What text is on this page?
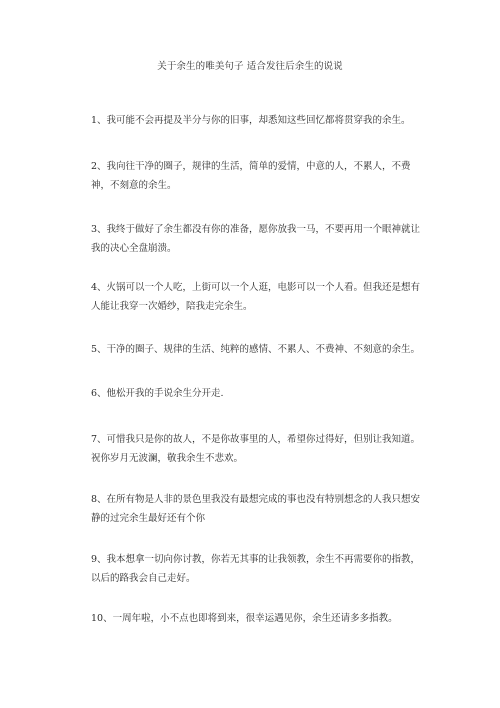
关于余生的唯美句子 适合发往后余生的说说
1、我可能不会再提及半分与你的旧事，却悉知这些回忆都将贯穿我的余生。
2、我向往干净的圈子，规律的生活，简单的爱情，中意的人，不累人，不费神，不刻意的余生。
3、我终于做好了余生都没有你的准备，愿你放我一马，不要再用一个眼神就让我的决心全盘崩溃。
4、火锅可以一个人吃，上街可以一个人逛，电影可以一个人看。但我还是想有人能让我穿一次婚纱，陪我走完余生。
5、干净的圈子、规律的生活、纯粹的感情、不累人、不费神、不刻意的余生。
6、他松开我的手说余生分开走.
7、可惜我只是你的故人，不是你故事里的人，希望你过得好，但别让我知道。祝你岁月无波澜，敬我余生不悲欢。
8、在所有物是人非的景色里我没有最想完成的事也没有特别想念的人我只想安静的过完余生最好还有个你
9、我本想拿一切向你讨教，你若无其事的让我领教，余生不再需要你的指教，以后的路我会自己走好。
10、一周年啦，小不点也即将到来，很幸运遇见你，余生还请多多指教。
